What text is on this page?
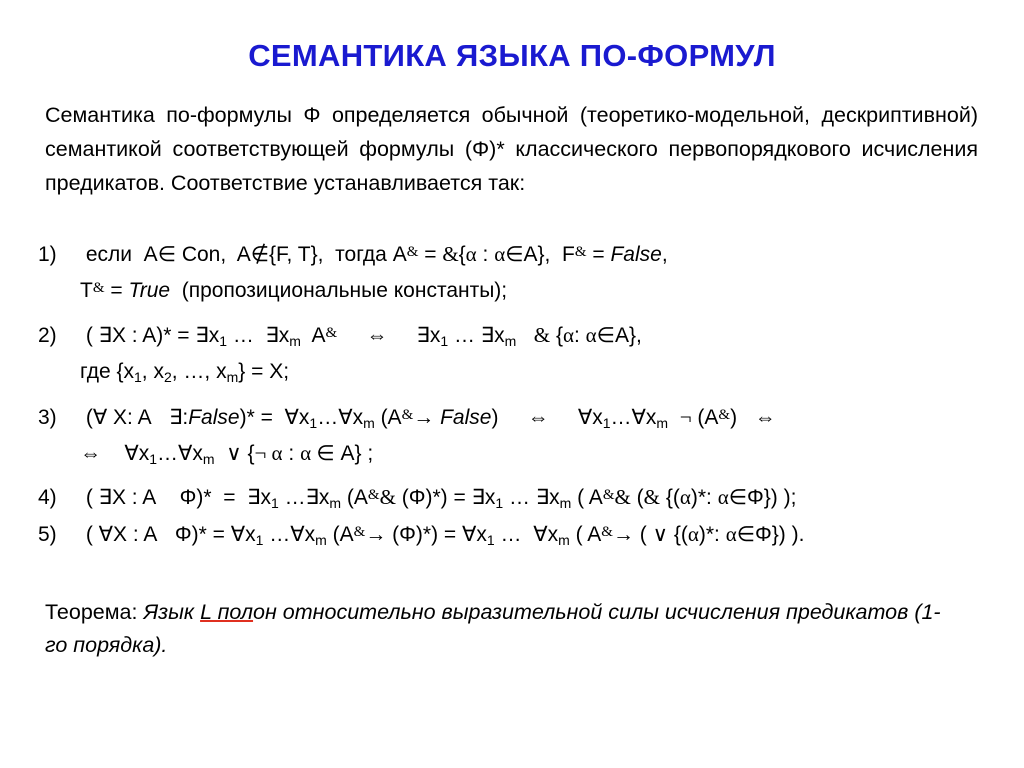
СЕМАНТИКА ЯЗЫКА ПО-ФОРМУЛ
Семантика по-формулы Φ определяется обычной (теоретико-модельной, дескриптивной) семантикой соответствующей формулы (Φ)* классического первопорядкового исчисления предикатов. Соответствие устанавливается так:
1) если  A∈ Con,  A∉{F, T},  тогда A& = &{α : α∈A},  F& = False,
T& = True  (пропозициональные константы);
2) ( ∃X : $A)* = \exists x_1$ …  $\exists x_m$  A& ⇔ $\exists x_1$ … $\exists x_m$ & {α: α∈A},
где {$x_1$, $x_2$, …, $x_m\} = X$;
3) (∀ X: A   ∃:False)* =  $\forall x_1\dots\forall x_m$ (A&→ False)     ⇔ $\forall x_1\dots\forall x_m$ ¬ (A&)   ⇔
⇔ $\forall x_1\dots\forall x_m$ ∨ {¬ α : α ∈ A} ;
4) ( ∃X : A    $\Phi)* = \exists x_1$ $\dots\exists x_m$ (A&& $(\Phi)*) = \exists x_1$ … $\exists x_m$ ( A&& (& {(α)*: α∈Φ}) );
5) ( ∀X : A   $\Phi)* = \forall x_1$ $\dots\forall x_m$ $(A^{\&}\to (\Phi)*) = \forall x_1$ …  $\forall x_m$ ( A&→ ( ∨ {(α)*: α∈Φ}) ).
Теорема: Язык L полон относительно выразительной силы исчисления предикатов (1-го порядка).
